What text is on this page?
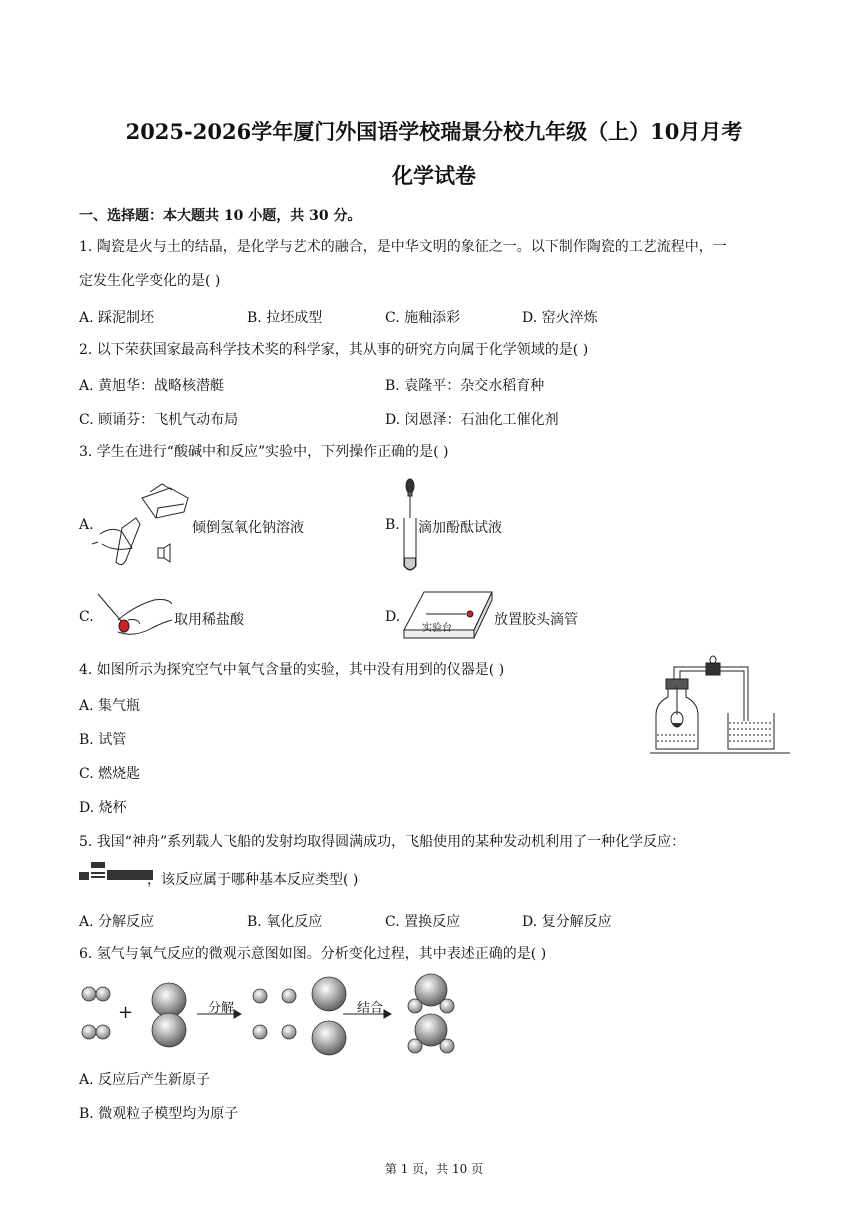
2025-2026学年厦门外国语学校瑞景分校九年级（上）10月月考
化学试卷
一、选择题：本大题共 10 小题，共 30 分。
1. 陶瓷是火与土的结晶，是化学与艺术的融合，是中华文明的象征之一。以下制作陶瓷的工艺流程中，一
定发生化学变化的是( )
A. 踩泥制坯	B. 拉坯成型	C. 施釉添彩	D. 窑火淬炼
2. 以下荣获国家最高科学技术奖的科学家，其从事的研究方向属于化学领域的是( )
A. 黄旭华：战略核潜艇	B. 袁隆平：杂交水稻育种
C. 顾诵芬：飞机气动布局	D. 闵恩泽：石油化工催化剂
3. 学生在进行“酸碱中和反应”实验中，下列操作正确的是( )
A.	倾倒氢氧化钠溶液	B. 滴加酚酞试液
C.	取用稀盐酸	D.
实验台
放置胶头滴管
4. 如图所示为探究空气中氧气含量的实验，其中没有用到的仪器是( )
A. 集气瓶
B. 试管
C. 燃烧匙
D. 烧杯
5. 我国“神舟”系列载人飞船的发射均取得圆满成功，飞船使用的某种发动机利用了一种化学反应：
，该反应属于哪种基本反应类型( )
A. 分解反应	B. 氧化反应	C. 置换反应	D. 复分解反应
6. 氢气与氧气反应的微观示意图如图。分析变化过程，其中表述正确的是( )
+	分解	结合
A. 反应后产生新原子
B. 微观粒子模型均为原子
第 1 页，共 10 页
